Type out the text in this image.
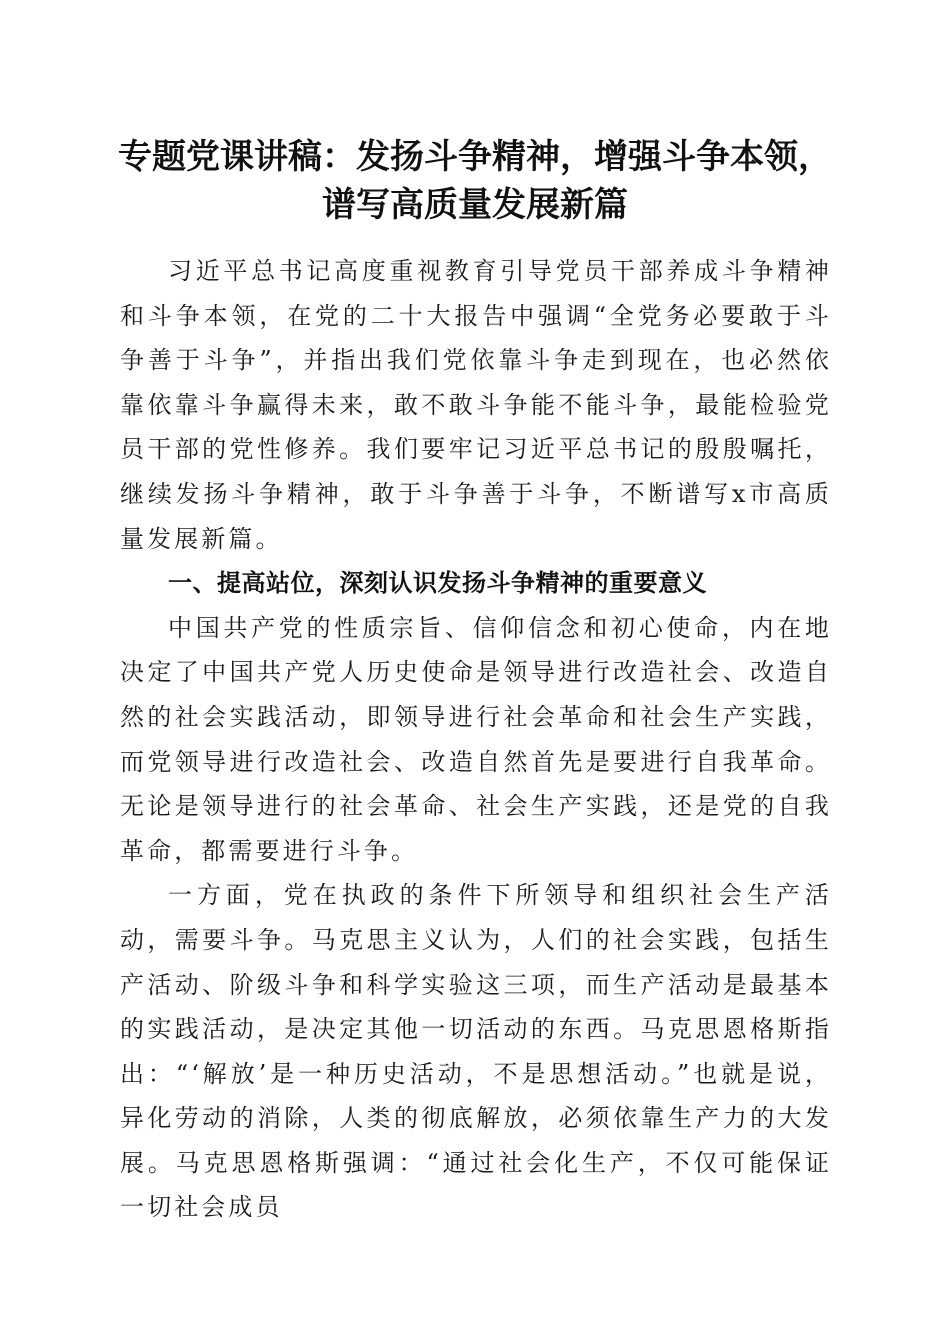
专题党课讲稿：发扬斗争精神，增强斗争本领，
谱写高质量发展新篇

习近平总书记高度重视教育引导党员干部养成斗争精神和斗争本领，在党的二十大报告中强调“全党务必要敢于斗争善于斗争”，并指出我们党依靠斗争走到现在，也必然依靠依靠斗争赢得未来，敢不敢斗争能不能斗争，最能检验党员干部的党性修养。我们要牢记习近平总书记的殷殷嘱托，继续发扬斗争精神，敢于斗争善于斗争，不断谱写x市高质量发展新篇。

一、提高站位，深刻认识发扬斗争精神的重要意义

中国共产党的性质宗旨、信仰信念和初心使命，内在地决定了中国共产党人历史使命是领导进行改造社会、改造自然的社会实践活动，即领导进行社会革命和社会生产实践，而党领导进行改造社会、改造自然首先是要进行自我革命。无论是领导进行的社会革命、社会生产实践，还是党的自我革命，都需要进行斗争。

一方面，党在执政的条件下所领导和组织社会生产活动，需要斗争。马克思主义认为，人们的社会实践，包括生产活动、阶级斗争和科学实验这三项，而生产活动是最基本的实践活动，是决定其他一切活动的东西。马克思恩格斯指出：“‘解放’是一种历史活动，不是思想活动。”也就是说，异化劳动的消除，人类的彻底解放，必须依靠生产力的大发展。马克思恩格斯强调：“通过社会化生产，不仅可能保证一切社会成员
